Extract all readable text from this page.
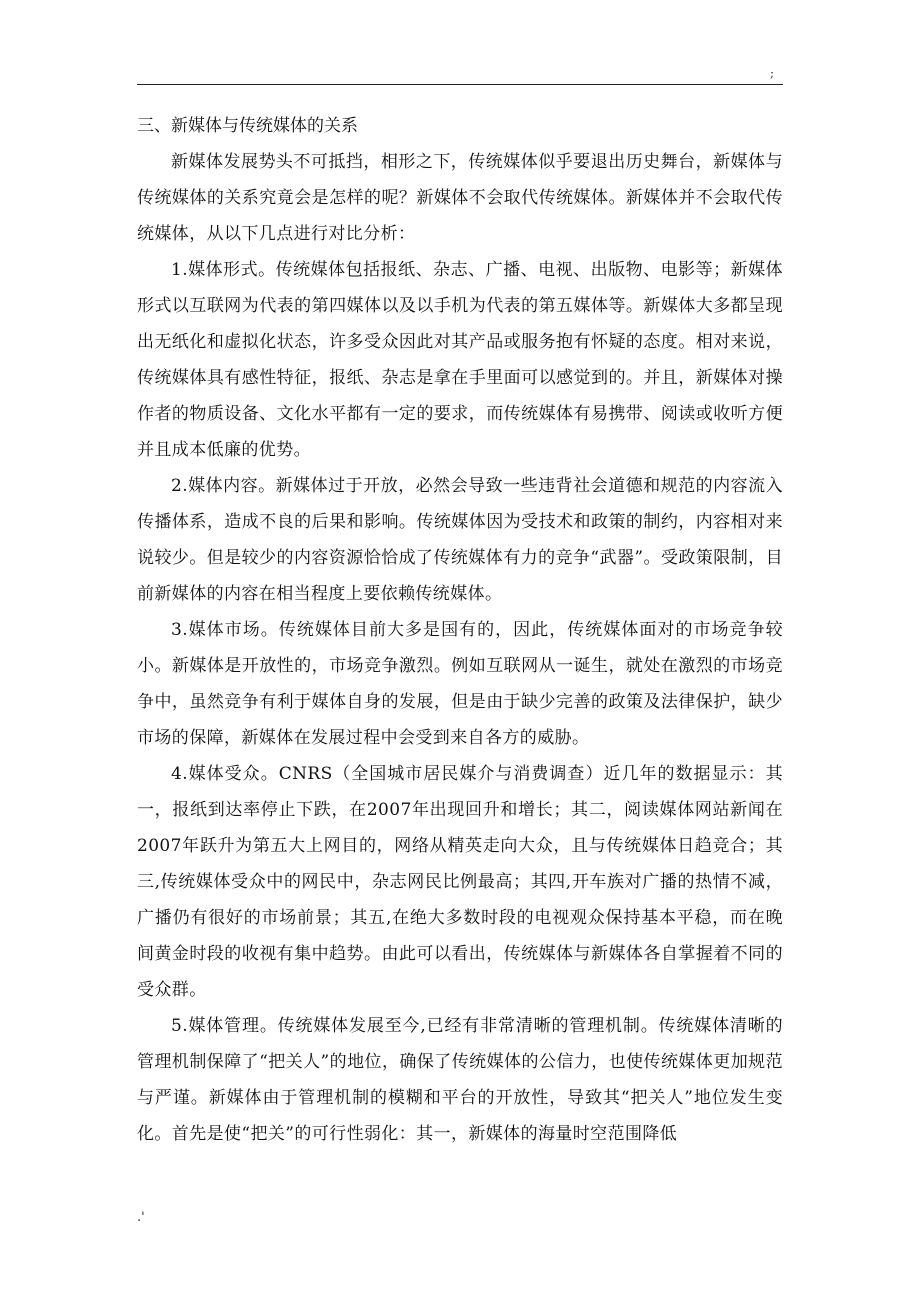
;

三、新媒体与传统媒体的关系

新媒体发展势头不可抵挡，相形之下，传统媒体似乎要退出历史舞台，新媒体与传统媒体的关系究竟会是怎样的呢？新媒体不会取代传统媒体。新媒体并不会取代传统媒体，从以下几点进行对比分析：

1.媒体形式。传统媒体包括报纸、杂志、广播、电视、出版物、电影等；新媒体形式以互联网为代表的第四媒体以及以手机为代表的第五媒体等。新媒体大多都呈现出无纸化和虚拟化状态，许多受众因此对其产品或服务抱有怀疑的态度。相对来说，传统媒体具有感性特征，报纸、杂志是拿在手里面可以感觉到的。并且，新媒体对操作者的物质设备、文化水平都有一定的要求，而传统媒体有易携带、阅读或收听方便并且成本低廉的优势。

2.媒体内容。新媒体过于开放，必然会导致一些违背社会道德和规范的内容流入传播体系，造成不良的后果和影响。传统媒体因为受技术和政策的制约，内容相对来说较少。但是较少的内容资源恰恰成了传统媒体有力的竞争“武器”。受政策限制，目前新媒体的内容在相当程度上要依赖传统媒体。

3.媒体市场。传统媒体目前大多是国有的，因此，传统媒体面对的市场竞争较小。新媒体是开放性的，市场竞争激烈。例如互联网从一诞生，就处在激烈的市场竞争中，虽然竞争有利于媒体自身的发展，但是由于缺少完善的政策及法律保护，缺少市场的保障，新媒体在发展过程中会受到来自各方的威胁。

4.媒体受众。CNRS（全国城市居民媒介与消费调查）近几年的数据显示：其一，报纸到达率停止下跌，在2007年出现回升和增长；其二，阅读媒体网站新闻在2007年跃升为第五大上网目的，网络从精英走向大众，且与传统媒体日趋竞合；其三,传统媒体受众中的网民中，杂志网民比例最高；其四,开车族对广播的热情不减，广播仍有很好的市场前景；其五,在绝大多数时段的电视观众保持基本平稳，而在晚间黄金时段的收视有集中趋势。由此可以看出，传统媒体与新媒体各自掌握着不同的受众群。

5.媒体管理。传统媒体发展至今,已经有非常清晰的管理机制。传统媒体清晰的管理机制保障了“把关人”的地位，确保了传统媒体的公信力，也使传统媒体更加规范与严谨。新媒体由于管理机制的模糊和平台的开放性，导致其“把关人”地位发生变化。首先是使“把关”的可行性弱化：其一，新媒体的海量时空范围降低

.'
